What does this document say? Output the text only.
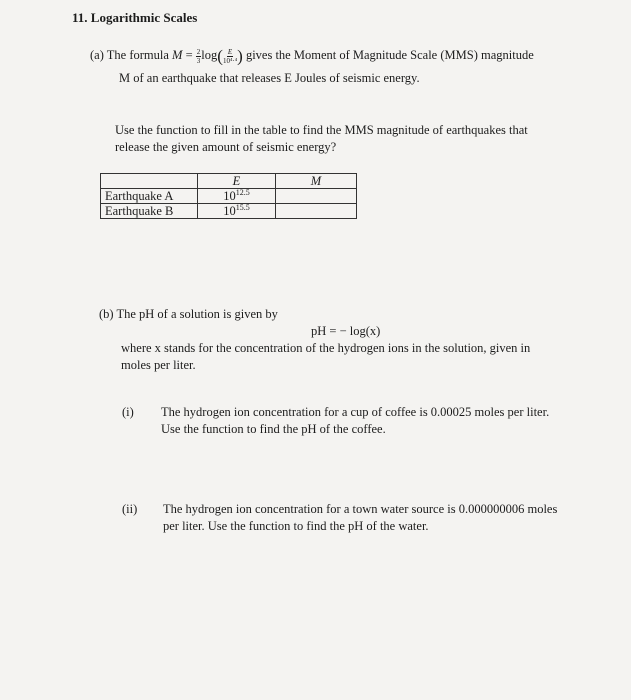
11. Logarithmic Scales
(a) The formula $M = \frac{2}{3} \log( \frac{E}{\text{10⁴·⁴}}$ ) gives the Moment of Magnitude Scale (MMS) magnitude
M of an earthquake that releases E Joules of seismic energy.
Use the function to fill in the table to find the MMS magnitude of earthquakes that
release the given amount of seismic energy?
	E	M
Earthquake A	$10^{12.5}$	
Earthquake B	$10^{15.5}$	
(b) The pH of a solution is given by
pH = − log(x)
where x stands for the concentration of the hydrogen ions in the solution, given in
moles per liter.
(i) The hydrogen ion concentration for a cup of coffee is 0.00025 moles per liter.
Use the function to find the pH of the coffee.
(ii) The hydrogen ion concentration for a town water source is 0.000000006 moles
per liter. Use the function to find the pH of the water.
